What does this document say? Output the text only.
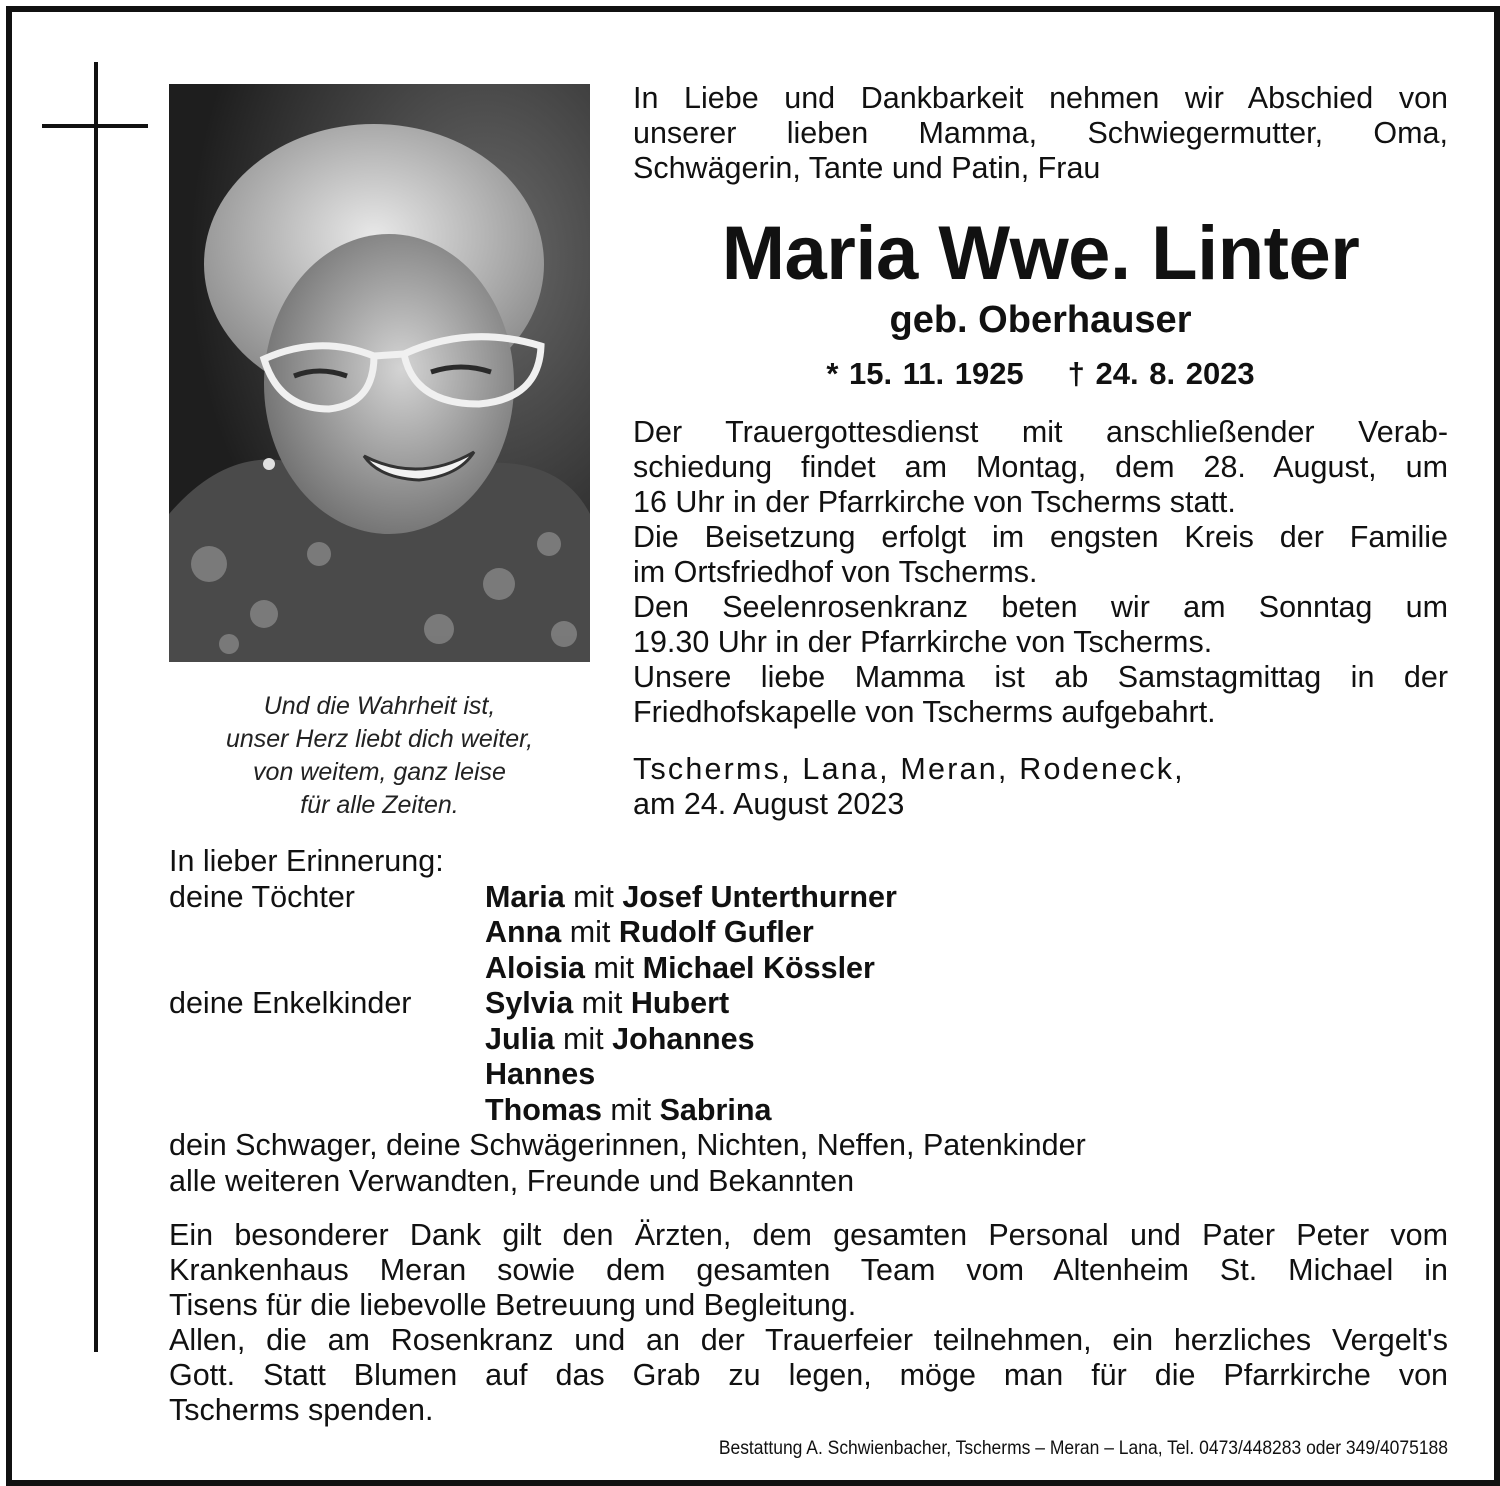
Und die Wahrheit ist,
unser Herz liebt dich weiter,
von weitem, ganz leise
für alle Zeiten.
In Liebe und Dankbarkeit nehmen wir Abschied von
unserer lieben Mamma, Schwiegermutter, Oma,
Schwägerin, Tante und Patin, Frau
Maria Wwe. Linter
geb. Oberhauser
* 15. 11. 1925 † 24. 8. 2023
Der Trauergottesdienst mit anschließender Verab-
schiedung findet am Montag, dem 28. August, um
16 Uhr in der Pfarrkirche von Tscherms statt.
Die Beisetzung erfolgt im engsten Kreis der Familie
im Ortsfriedhof von Tscherms.
Den Seelenrosenkranz beten wir am Sonntag um
19.30 Uhr in der Pfarrkirche von Tscherms.
Unsere liebe Mamma ist ab Samstagmittag in der
Friedhofskapelle von Tscherms aufgebahrt.
Tscherms, Lana, Meran, Rodeneck,
am 24. August 2023
In lieber Erinnerung:
deine Töchter	Maria mit Josef Unterthurner
Anna mit Rudolf Gufler
Aloisia mit Michael Kössler
deine Enkelkinder Sylvia mit Hubert
Julia mit Johannes
Hannes
Thomas mit Sabrina
dein Schwager, deine Schwägerinnen, Nichten, Neffen, Patenkinder
alle weiteren Verwandten, Freunde und Bekannten
Ein besonderer Dank gilt den Ärzten, dem gesamten Personal und Pater Peter vom
Krankenhaus Meran sowie dem gesamten Team vom Altenheim St. Michael in
Tisens für die liebevolle Betreuung und Begleitung.
Allen, die am Rosenkranz und an der Trauerfeier teilnehmen, ein herzliches Vergelt's
Gott. Statt Blumen auf das Grab zu legen, möge man für die Pfarrkirche von
Tscherms spenden.
Bestattung A. Schwienbacher, Tscherms – Meran – Lana, Tel. 0473/448283 oder 349/4075188
